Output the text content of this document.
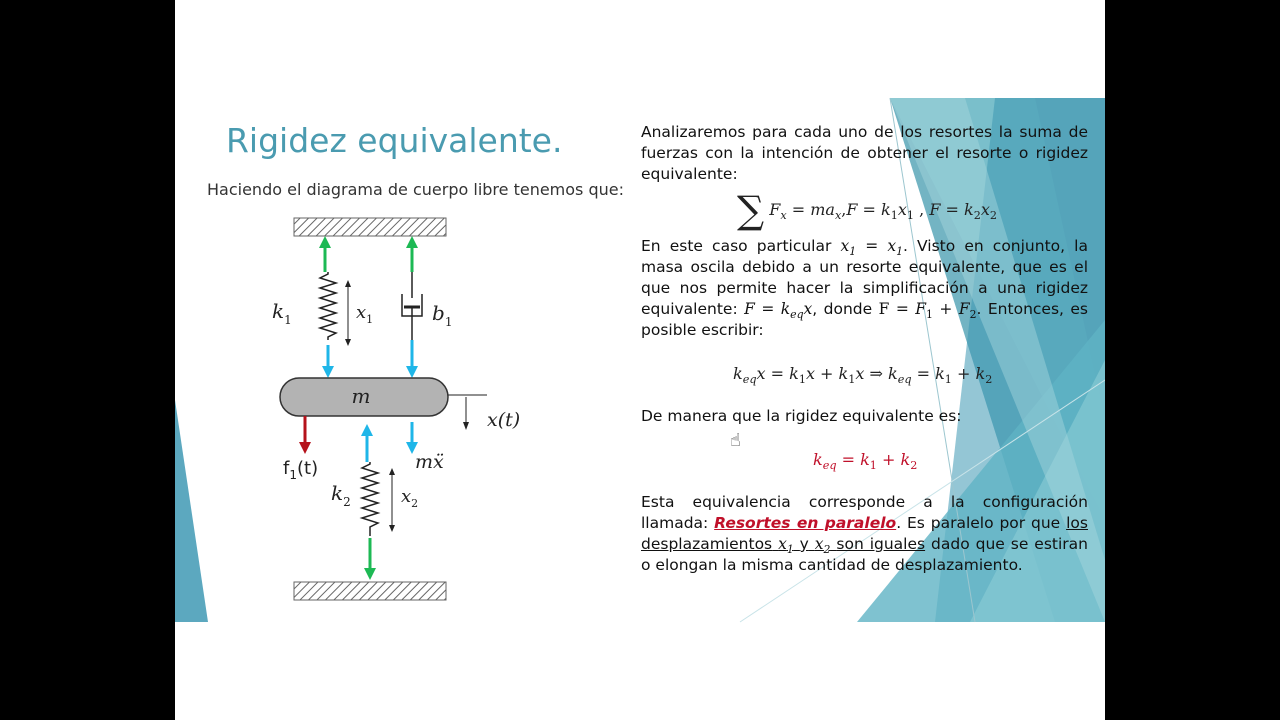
Rigidez equivalente.
Haciendo el diagrama de cuerpo libre tenemos que:
$k_1$	$x_1$	$b_1$
m
x(t)
$f_1(t)$	mẍ
$k_2$	$x_2$
Analizaremos para cada uno de los resortes la suma de fuerzas con la intención de obtener el resorte o rigidez equivalente:
∑ $F_x = ma_x,F = k_1x_1$ , $F = k_2x_2$
En este caso particular $x_1 = x_1$. Visto en conjunto, la masa oscila debido a un resorte equivalente, que es el que nos permite hacer la simplificación a una rigidez equivalente: $F = k_{eq}x$, donde $F = F_1 + F_2$. Entonces, es posible escribir:
$k_{eq}x = k_1x + k_1x$ ⇒ $k_{eq} = k_1 + k_2$
De manera que la rigidez equivalente es:
☝
$k_{eq} = k_1 + k_2$
Esta equivalencia corresponde a la configuración llamada: Resortes en paralelo. Es paralelo por que los desplazamientos $x_1$ y $x_2$ son iguales dado que se estiran o elongan la misma cantidad de desplazamiento.
